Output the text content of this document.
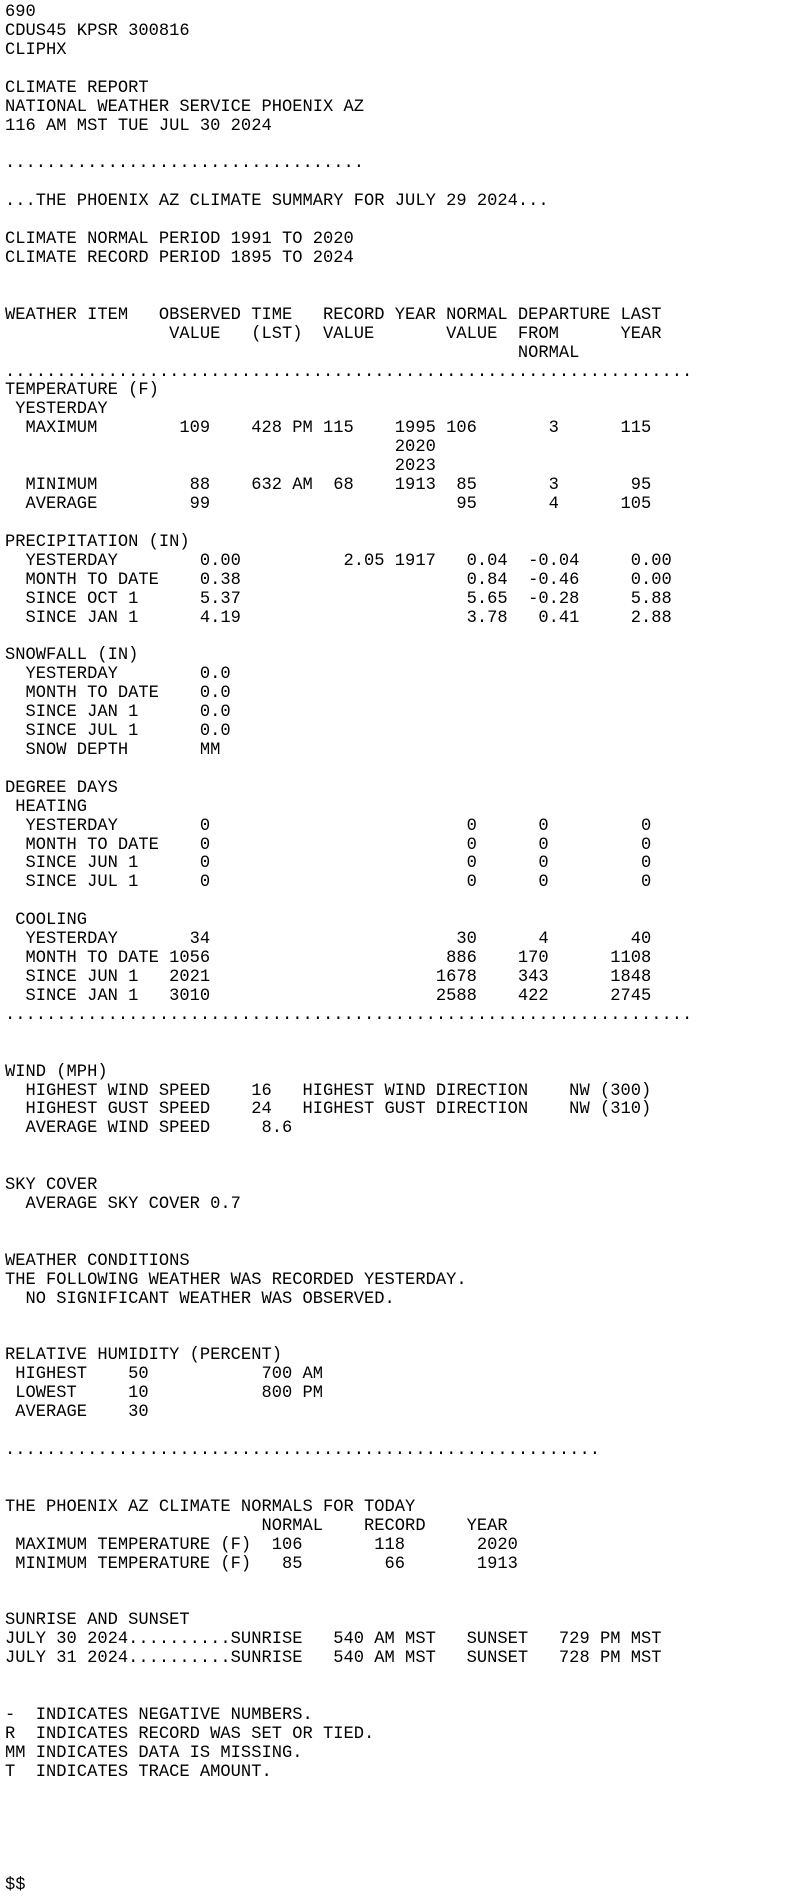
690
CDUS45 KPSR 300816
CLIPHX

CLIMATE REPORT
NATIONAL WEATHER SERVICE PHOENIX AZ
116 AM MST TUE JUL 30 2024

...................................

...THE PHOENIX AZ CLIMATE SUMMARY FOR JULY 29 2024...

CLIMATE NORMAL PERIOD 1991 TO 2020
CLIMATE RECORD PERIOD 1895 TO 2024

WEATHER ITEM   OBSERVED TIME   RECORD YEAR NORMAL DEPARTURE LAST
VALUE   (LST)  VALUE       VALUE  FROM      YEAR
NORMAL
...................................................................
TEMPERATURE (F)
YESTERDAY
MAXIMUM        109    428 PM 115    1995 106       3      115
2020
2023
MINIMUM         88    632 AM  68    1913  85       3       95
AVERAGE         99                        95       4      105

PRECIPITATION (IN)
YESTERDAY        0.00          2.05 1917   0.04  -0.04     0.00
MONTH TO DATE    0.38                      0.84  -0.46     0.00
SINCE OCT 1      5.37                      5.65  -0.28     5.88
SINCE JAN 1      4.19                      3.78   0.41     2.88

SNOWFALL (IN)
YESTERDAY        0.0
MONTH TO DATE    0.0
SINCE JAN 1      0.0
SINCE JUL 1      0.0
SNOW DEPTH       MM

DEGREE DAYS
HEATING
YESTERDAY        0                         0      0         0
MONTH TO DATE    0                         0      0         0
SINCE JUN 1      0                         0      0         0
SINCE JUL 1      0                         0      0         0

COOLING
YESTERDAY       34                        30      4        40
MONTH TO DATE 1056                       886    170      1108
SINCE JUN 1   2021                      1678    343      1848
SINCE JAN 1   3010                      2588    422      2745
...................................................................

WIND (MPH)
HIGHEST WIND SPEED    16   HIGHEST WIND DIRECTION    NW (300)
HIGHEST GUST SPEED    24   HIGHEST GUST DIRECTION    NW (310)
AVERAGE WIND SPEED     8.6

SKY COVER
AVERAGE SKY COVER 0.7

WEATHER CONDITIONS
THE FOLLOWING WEATHER WAS RECORDED YESTERDAY.
NO SIGNIFICANT WEATHER WAS OBSERVED.

RELATIVE HUMIDITY (PERCENT)
HIGHEST    50           700 AM
LOWEST     10           800 PM
AVERAGE    30

..........................................................

THE PHOENIX AZ CLIMATE NORMALS FOR TODAY
NORMAL    RECORD    YEAR
MAXIMUM TEMPERATURE (F)  106       118       2020
MINIMUM TEMPERATURE (F)   85        66       1913

SUNRISE AND SUNSET
JULY 30 2024..........SUNRISE   540 AM MST   SUNSET   729 PM MST
JULY 31 2024..........SUNRISE   540 AM MST   SUNSET   728 PM MST

-  INDICATES NEGATIVE NUMBERS.
R  INDICATES RECORD WAS SET OR TIED.
MM INDICATES DATA IS MISSING.
T  INDICATES TRACE AMOUNT.

$$
